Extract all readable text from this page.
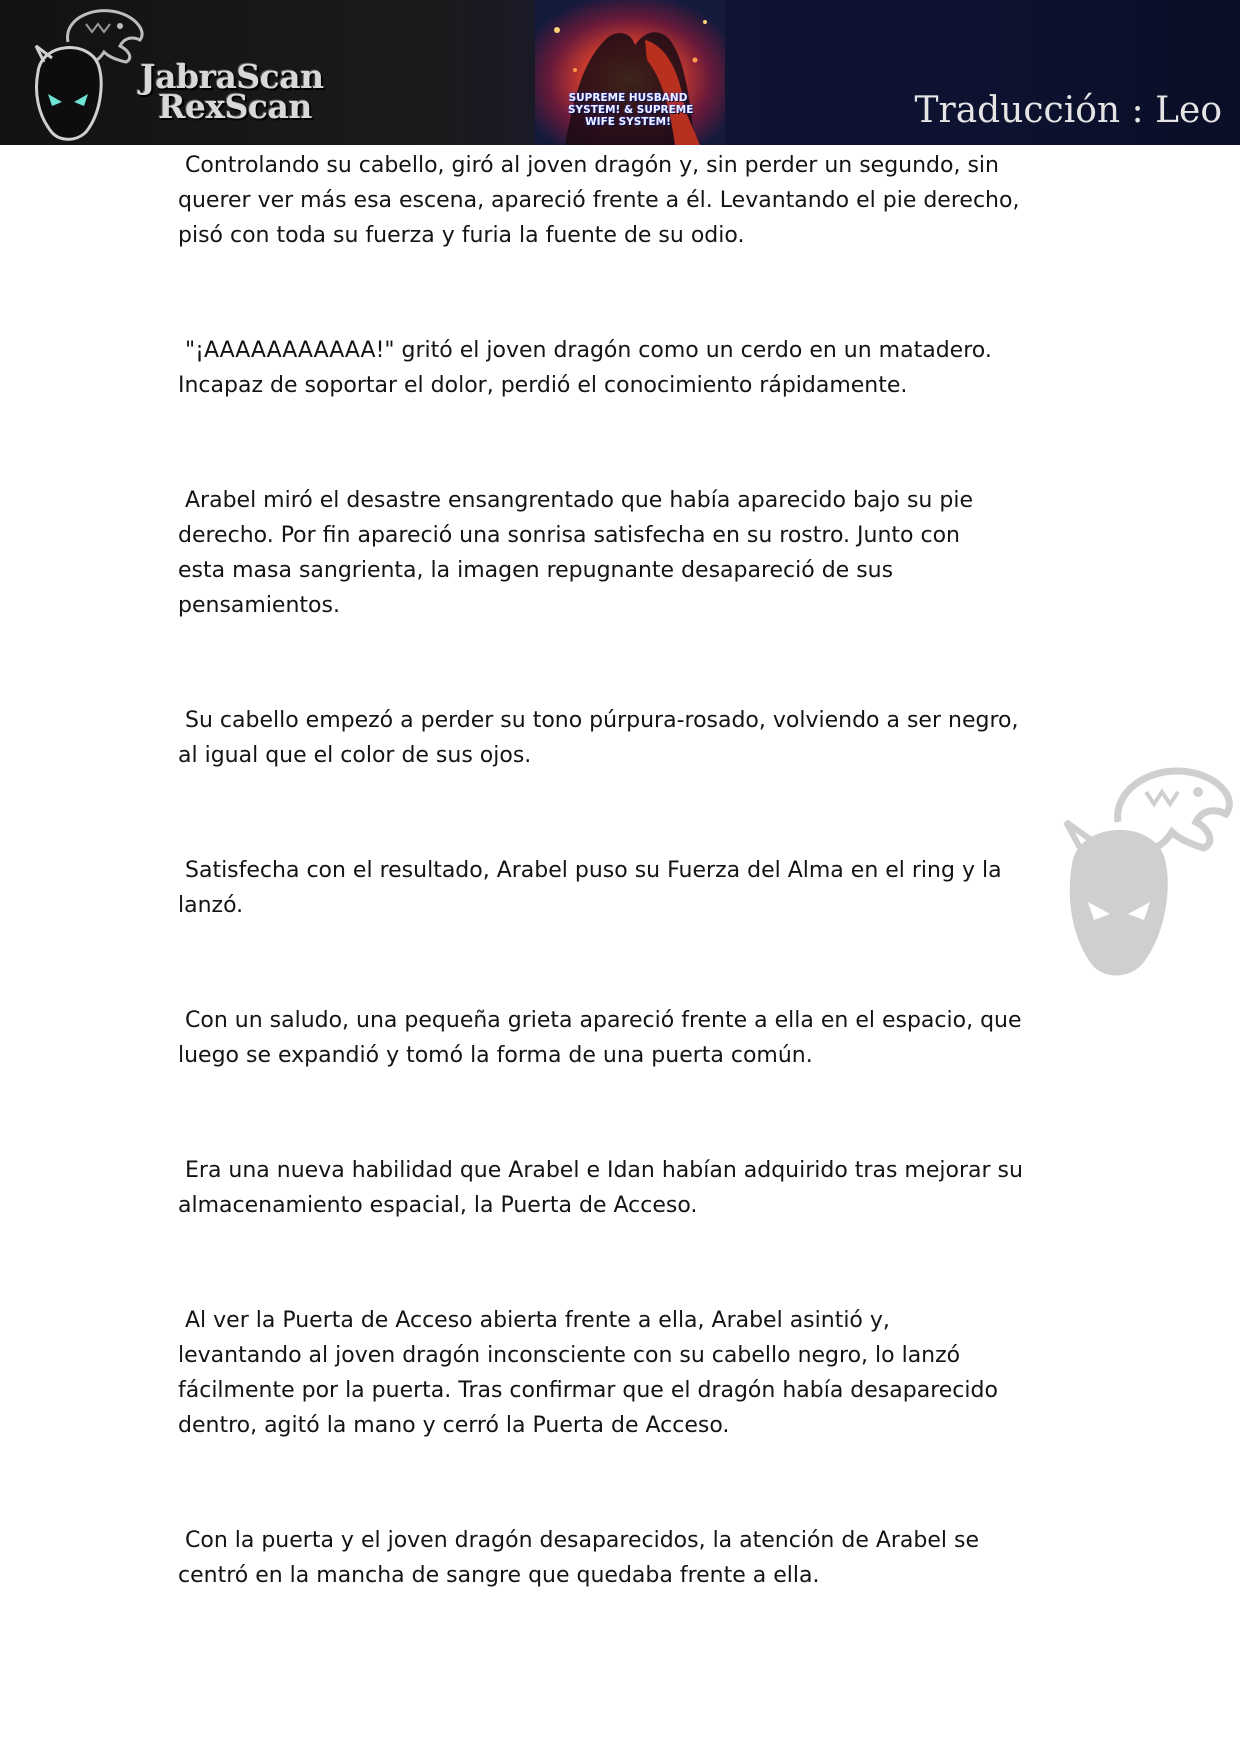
JabraScan
RexScan	SUPREME HUSBAND
SYSTEM! & SUPREME
WIFE SYSTEM!	Traducción : Leo

Controlando su cabello, giró al joven dragón y, sin perder un segundo, sin
querer ver más esa escena, apareció frente a él. Levantando el pie derecho,
pisó con toda su fuerza y furia la fuente de su odio.

"¡AAAAAAAAAAA!" gritó el joven dragón como un cerdo en un matadero.
Incapaz de soportar el dolor, perdió el conocimiento rápidamente.

Arabel miró el desastre ensangrentado que había aparecido bajo su pie
derecho. Por fin apareció una sonrisa satisfecha en su rostro. Junto con
esta masa sangrienta, la imagen repugnante desapareció de sus
pensamientos.

Su cabello empezó a perder su tono púrpura-rosado, volviendo a ser negro,
al igual que el color de sus ojos.

Satisfecha con el resultado, Arabel puso su Fuerza del Alma en el ring y la
lanzó.

Con un saludo, una pequeña grieta apareció frente a ella en el espacio, que
luego se expandió y tomó la forma de una puerta común.

Era una nueva habilidad que Arabel e Idan habían adquirido tras mejorar su
almacenamiento espacial, la Puerta de Acceso.

Al ver la Puerta de Acceso abierta frente a ella, Arabel asintió y,
levantando al joven dragón inconsciente con su cabello negro, lo lanzó
fácilmente por la puerta. Tras confirmar que el dragón había desaparecido
dentro, agitó la mano y cerró la Puerta de Acceso.

Con la puerta y el joven dragón desaparecidos, la atención de Arabel se
centró en la mancha de sangre que quedaba frente a ella.
